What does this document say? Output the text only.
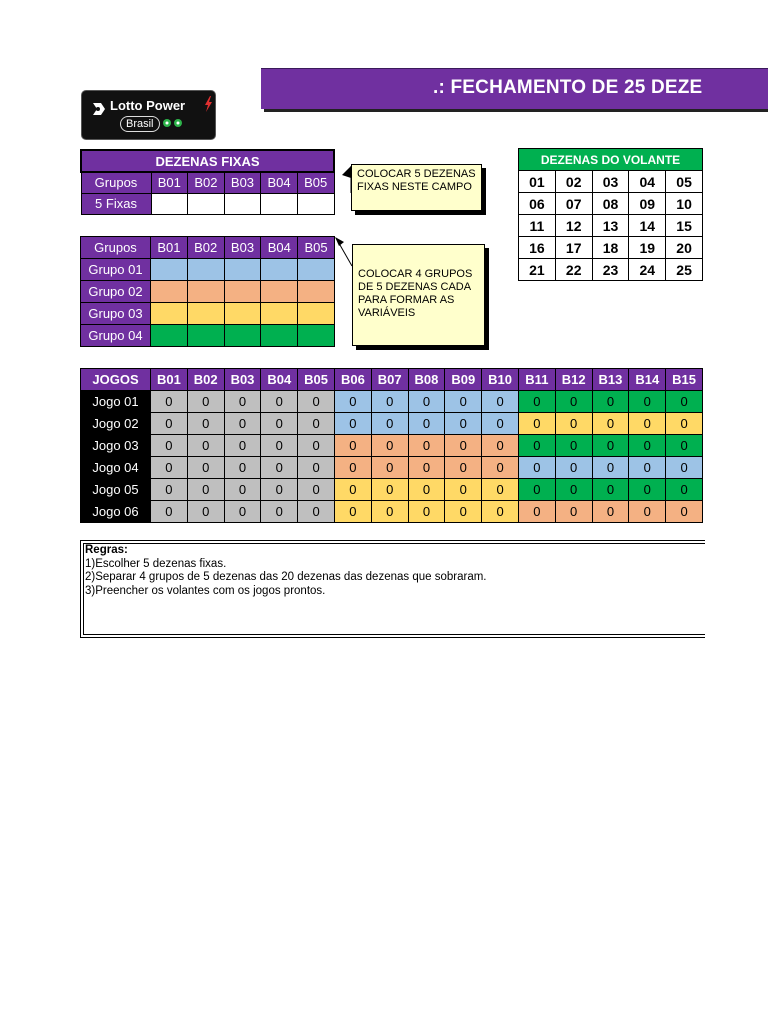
.: FECHAMENTO DE 25 DEZE
Lotto Power
Brasil
DEZENAS FIXAS					
Grupos	B01	B02	B03	B04	B05
5 Fixas					
COLOCAR 5 DEZENAS FIXAS NESTE CAMPO
DEZENAS DO VOLANTE				
01	02	03	04	05
06	07	08	09	10
11	12	13	14	15
16	17	18	19	20
21	22	23	24	25
Grupos	B01	B02	B03	B04	B05
Grupo 01					
Grupo 02					
Grupo 03					
Grupo 04					
COLOCAR 4 GRUPOS DE 5 DEZENAS CADA PARA FORMAR AS VARIÁVEIS
JOGOS	B01	B02	B03	B04	B05	B06	B07	B08	B09	B10	B11	B12	B13	B14	B15
Jogo 01	0	0	0	0	0	0	0	0	0	0	0	0	0	0	0
Jogo 02	0	0	0	0	0	0	0	0	0	0	0	0	0	0	0
Jogo 03	0	0	0	0	0	0	0	0	0	0	0	0	0	0	0
Jogo 04	0	0	0	0	0	0	0	0	0	0	0	0	0	0	0
Jogo 05	0	0	0	0	0	0	0	0	0	0	0	0	0	0	0
Jogo 06	0	0	0	0	0	0	0	0	0	0	0	0	0	0	0
Regras:
1)Escolher 5 dezenas fixas.
2)Separar 4 grupos de 5 dezenas das 20 dezenas das dezenas que sobraram.
3)Preencher os volantes com os jogos prontos.
